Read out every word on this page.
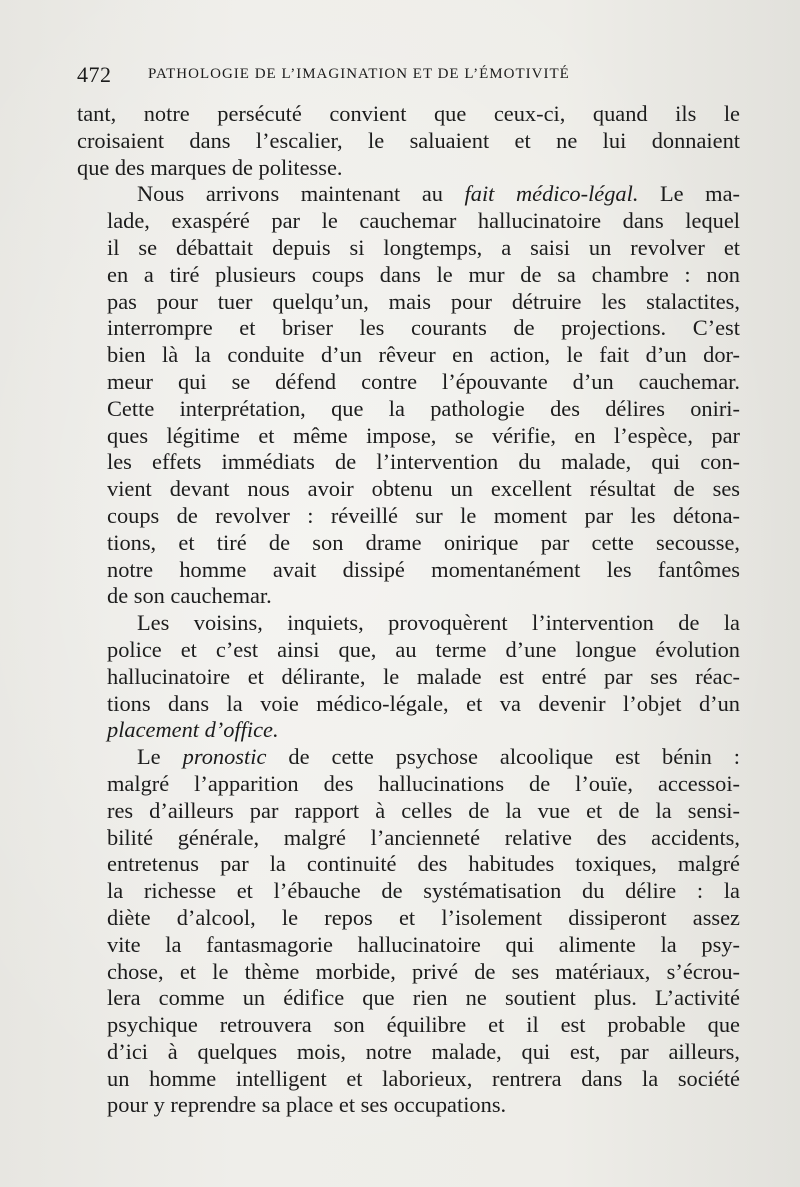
472 PATHOLOGIE DE L’IMAGINATION ET DE L’ÉMOTIVITÉ
tant, notre persécuté convient que ceux-ci, quand ils le
croisaient dans l’escalier, le saluaient et ne lui donnaient
que des marques de politesse.
Nous arrivons maintenant au fait médico-légal. Le ma-
lade, exaspéré par le cauchemar hallucinatoire dans lequel
il se débattait depuis si longtemps, a saisi un revolver et
en a tiré plusieurs coups dans le mur de sa chambre : non
pas pour tuer quelqu’un, mais pour détruire les stalactites,
interrompre et briser les courants de projections. C’est
bien là la conduite d’un rêveur en action, le fait d’un dor-
meur qui se défend contre l’épouvante d’un cauchemar.
Cette interprétation, que la pathologie des délires oniri-
ques légitime et même impose, se vérifie, en l’espèce, par
les effets immédiats de l’intervention du malade, qui con-
vient devant nous avoir obtenu un excellent résultat de ses
coups de revolver : réveillé sur le moment par les détona-
tions, et tiré de son drame onirique par cette secousse,
notre homme avait dissipé momentanément les fantômes
de son cauchemar.
Les voisins, inquiets, provoquèrent l’intervention de la
police et c’est ainsi que, au terme d’une longue évolution
hallucinatoire et délirante, le malade est entré par ses réac-
tions dans la voie médico-légale, et va devenir l’objet d’un
placement d’office.
Le pronostic de cette psychose alcoolique est bénin :
malgré l’apparition des hallucinations de l’ouïe, accessoi-
res d’ailleurs par rapport à celles de la vue et de la sensi-
bilité générale, malgré l’ancienneté relative des accidents,
entretenus par la continuité des habitudes toxiques, malgré
la richesse et l’ébauche de systématisation du délire : la
diète d’alcool, le repos et l’isolement dissiperont assez
vite la fantasmagorie hallucinatoire qui alimente la psy-
chose, et le thème morbide, privé de ses matériaux, s’écrou-
lera comme un édifice que rien ne soutient plus. L’activité
psychique retrouvera son équilibre et il est probable que
d’ici à quelques mois, notre malade, qui est, par ailleurs,
un homme intelligent et laborieux, rentrera dans la société
pour y reprendre sa place et ses occupations.
